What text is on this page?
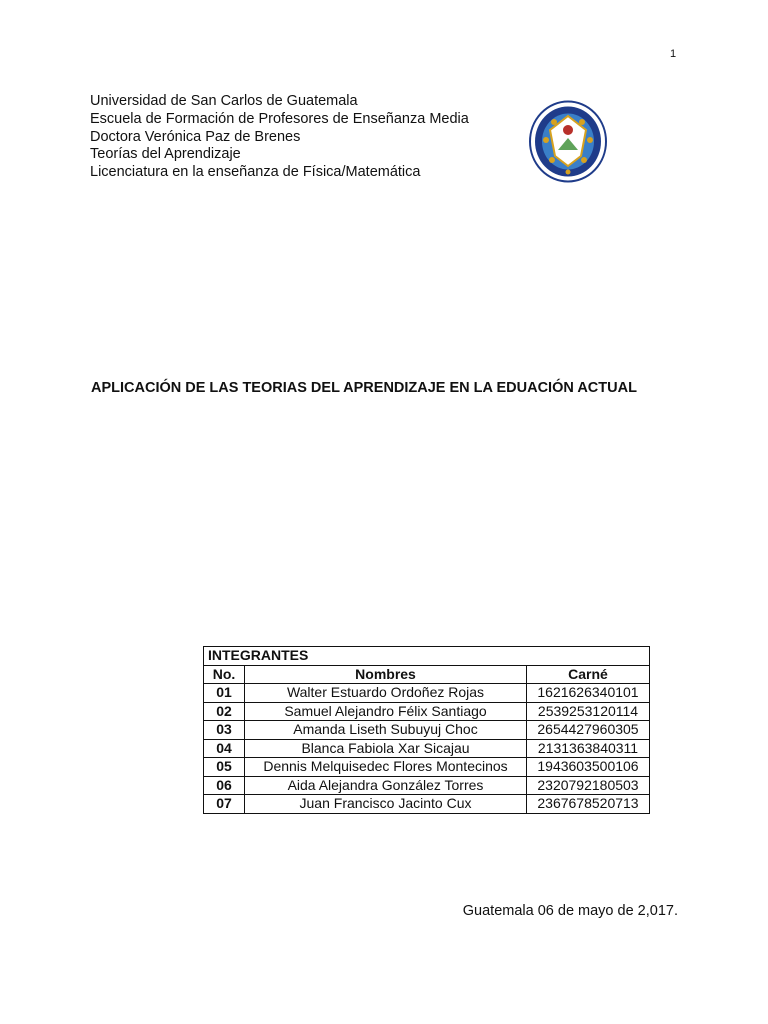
1
Universidad de San Carlos de Guatemala
Escuela de Formación de Profesores de Enseñanza Media
Doctora Verónica Paz de Brenes
Teorías del Aprendizaje
Licenciatura en la enseñanza de Física/Matemática
APLICACIÓN DE LAS TEORIAS DEL APRENDIZAJE EN LA EDUACIÓN ACTUAL
INTEGRANTES		
No.	Nombres	Carné
01	Walter Estuardo Ordoñez Rojas	1621626340101
02	Samuel Alejandro Félix Santiago	2539253120114
03	Amanda Liseth Subuyuj Choc	2654427960305
04	Blanca Fabiola Xar Sicajau	2131363840311
05	Dennis Melquisedec Flores Montecinos	1943603500106
06	Aida Alejandra González Torres	2320792180503
07	Juan Francisco Jacinto Cux	2367678520713
Guatemala 06 de mayo de 2,017.
